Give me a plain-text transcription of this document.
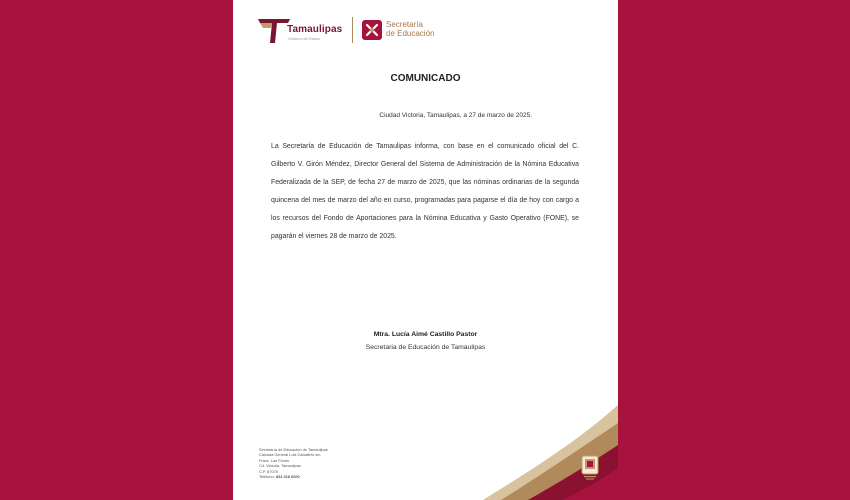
Tamaulipas
Gobierno del Estado
Secretaría
de Educación
COMUNICADO
Ciudad Victoria, Tamaulipas, a 27 de marzo de 2025.

La Secretaría de Educación de Tamaulipas informa, con base en el comunicado oficial del C. Gilberto V. Girón Méndez, Director General del Sistema de Administración de la Nómina Educativa Federalizada de la SEP, de fecha 27 de marzo de 2025, que las nóminas ordinarias de la segunda quincena del mes de marzo del año en curso, programadas para pagarse el día de hoy con cargo a los recursos del Fondo de Aportaciones para la Nómina Educativa y Gasto Operativo (FONE), se pagarán el viernes 28 de marzo de 2025.

Mtra. Lucía Aimé Castillo Pastor
Secretaria de Educación de Tamaulipas
Secretaría de Educación de Tamaulipas
Calzada General Luis Caballero s/n
Fracc. Las Flores
Cd. Victoria, Tamaulipas
C.P. 87078
Teléfono: 834 318 6600
